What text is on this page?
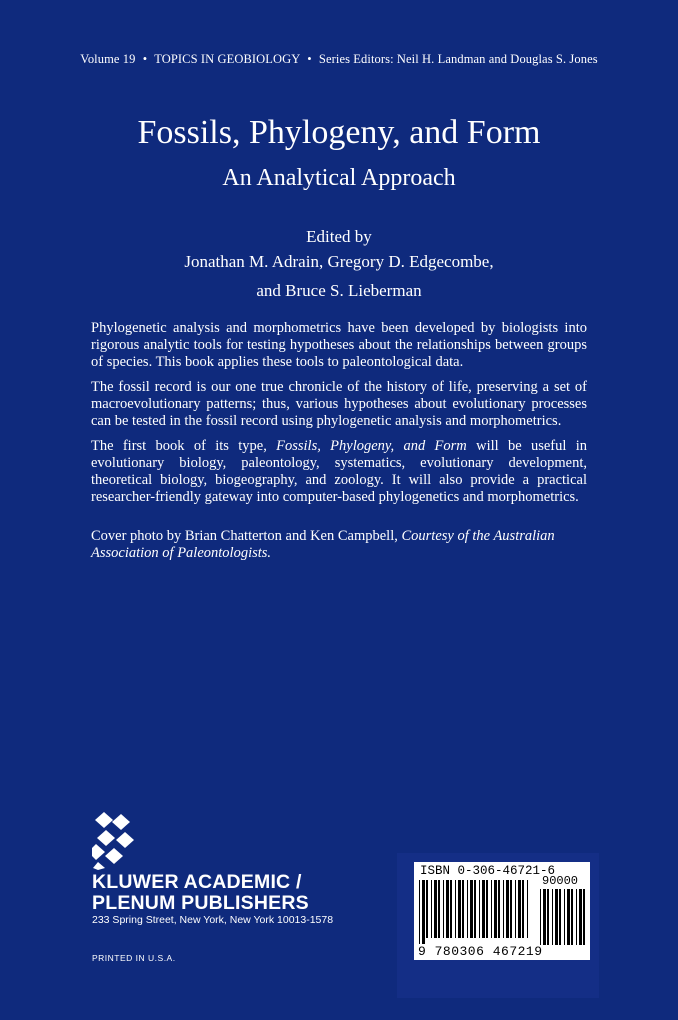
Volume 19 • TOPICS IN GEOBIOLOGY • Series Editors: Neil H. Landman and Douglas S. Jones
Fossils, Phylogeny, and Form
An Analytical Approach
Edited by
Jonathan M. Adrain, Gregory D. Edgecombe,
and Bruce S. Lieberman

Phylogenetic analysis and morphometrics have been developed by biologists into rigorous analytic tools for testing hypotheses about the relationships between groups of species. This book applies these tools to paleontological data.

The fossil record is our one true chronicle of the history of life, preserving a set of macroevolutionary patterns; thus, various hypotheses about evolutionary processes can be tested in the fossil record using phylogenetic analysis and morphometrics.

The first book of its type, Fossils, Phylogeny, and Form will be useful in evolutionary biology, paleontology, systematics, evolutionary development, theoretical biology, biogeography, and zoology. It will also provide a practical researcher-friendly gateway into computer-based phylogenetics and morphometrics.

Cover photo by Brian Chatterton and Ken Campbell, Courtesy of the Australian Association of Paleontologists.

KLUWER ACADEMIC /
PLENUM PUBLISHERS
233 Spring Street, New York, New York 10013-1578
PRINTED IN U.S.A.
ISBN 0-306-46721-6
90000
9 780306 467219
